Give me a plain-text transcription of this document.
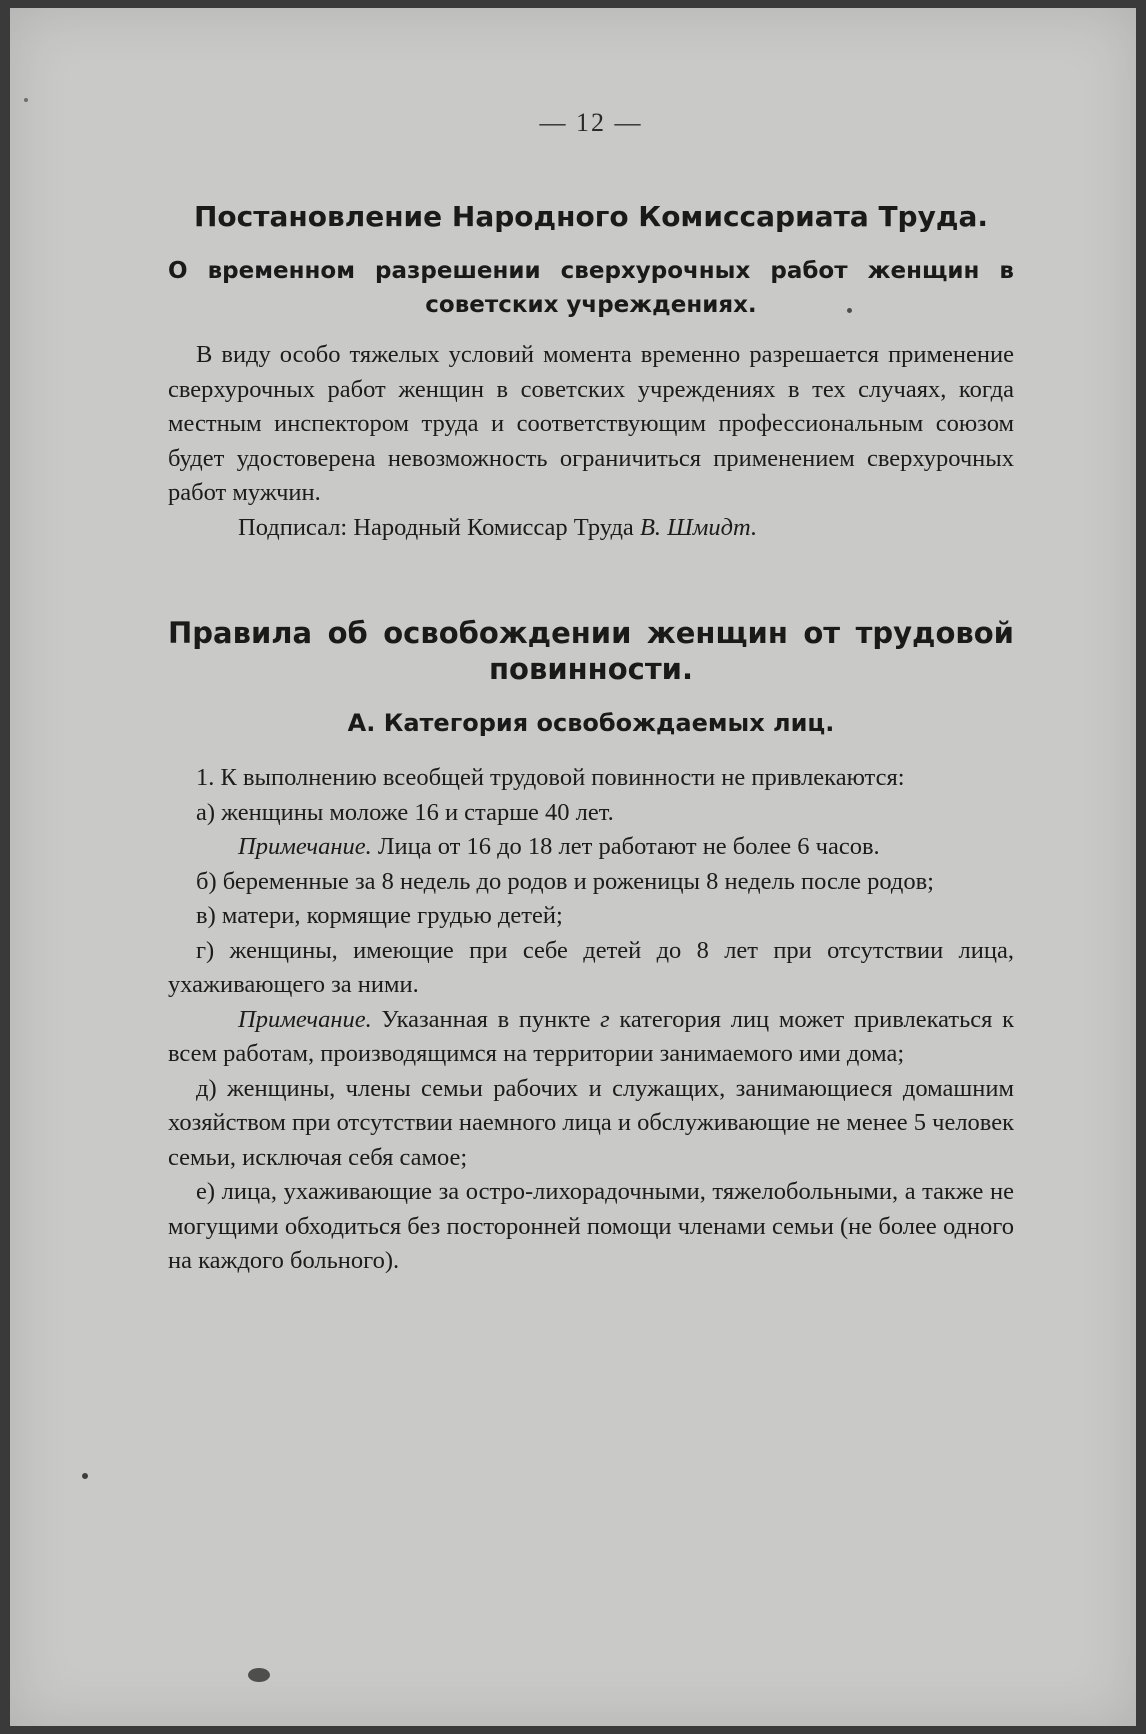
— 12 —
Постановление Народного Комиссариата Труда.
О временном разрешении сверхурочных работ женщин в советских учреждениях.

В виду особо тяжелых условий момента временно разрешается применение сверхурочных работ женщин в советских учреждениях в тех случаях, когда местным инспектором труда и соответствующим профессиональным союзом будет удостоверена невозможность ограничиться применением сверхурочных работ мужчин.

Подписал: Народный Комиссар Труда В. Шмидт.

Правила об освобождении женщин от трудовой повинности.
А. Категория освобождаемых лиц.

1. К выполнению всеобщей трудовой повинности не привлекаются:

а) женщины моложе 16 и старше 40 лет.

Примечание. Лица от 16 до 18 лет работают не более 6 часов.

б) беременные за 8 недель до родов и роженицы 8 недель после родов;

в) матери, кормящие грудью детей;

г) женщины, имеющие при себе детей до 8 лет при отсутствии лица, ухаживающего за ними.

Примечание. Указанная в пункте г категория лиц может привлекаться к всем работам, производящимся на территории занимаемого ими дома;

д) женщины, члены семьи рабочих и служащих, занимающиеся домашним хозяйством при отсутствии наемного лица и обслуживающие не менее 5 человек семьи, исключая себя самое;

е) лица, ухаживающие за остро-лихорадочными, тяжелобольными, а также не могущими обходиться без посторонней помощи членами семьи (не более одного на каждого больного).
